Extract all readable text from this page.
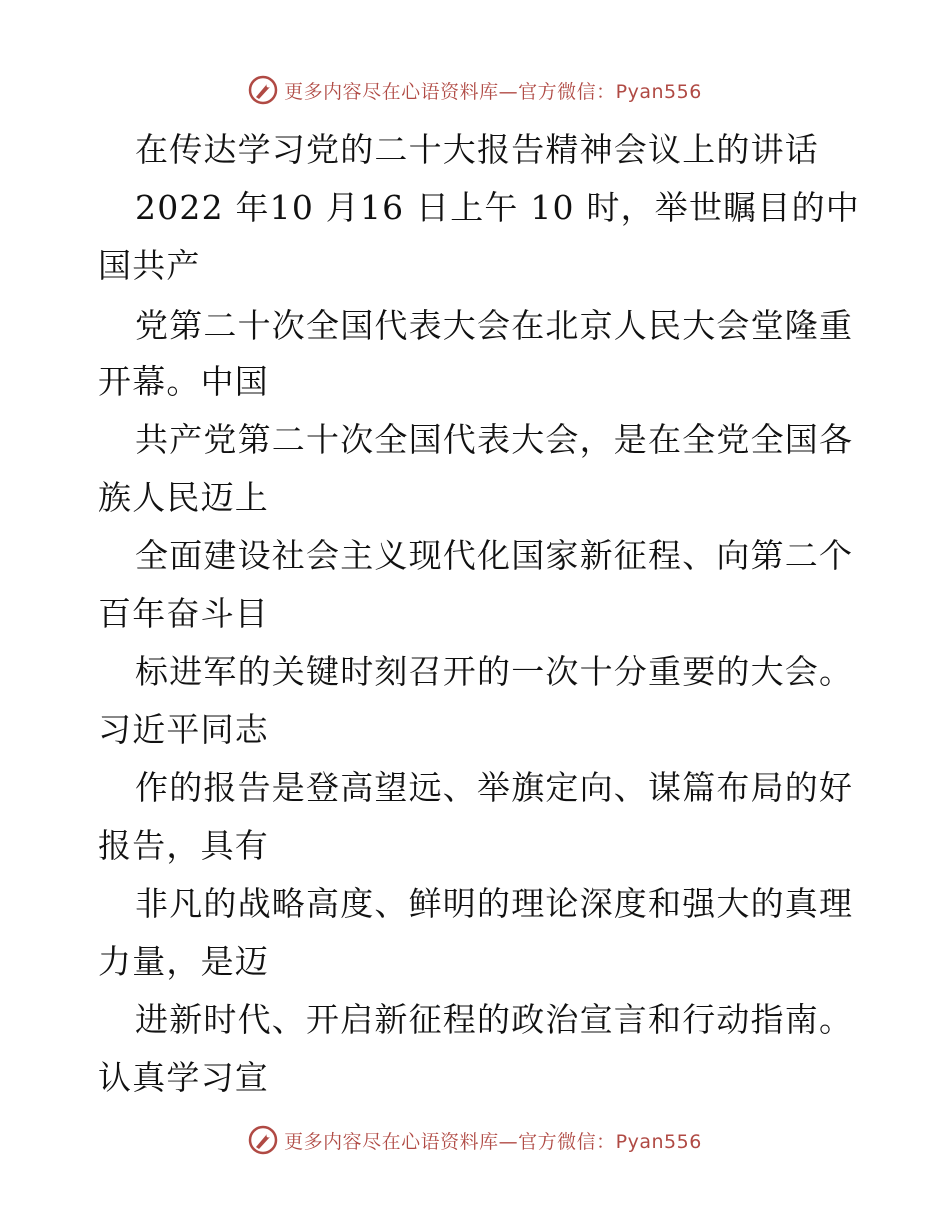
更多内容尽在心语资料库—官方微信：Pyan556
在传达学习党的二十大报告精神会议上的讲话
2022 年10 月16 日上午 10 时，举世瞩目的中
国共产
党第二十次全国代表大会在北京人民大会堂隆重
开幕。中国
共产党第二十次全国代表大会，是在全党全国各
族人民迈上
全面建设社会主义现代化国家新征程、向第二个
百年奋斗目
标进军的关键时刻召开的一次十分重要的大会。
习近平同志
作的报告是登高望远、举旗定向、谋篇布局的好
报告，具有
非凡的战略高度、鲜明的理论深度和强大的真理
力量，是迈
进新时代、开启新征程的政治宣言和行动指南。
认真学习宣
更多内容尽在心语资料库—官方微信：Pyan556
